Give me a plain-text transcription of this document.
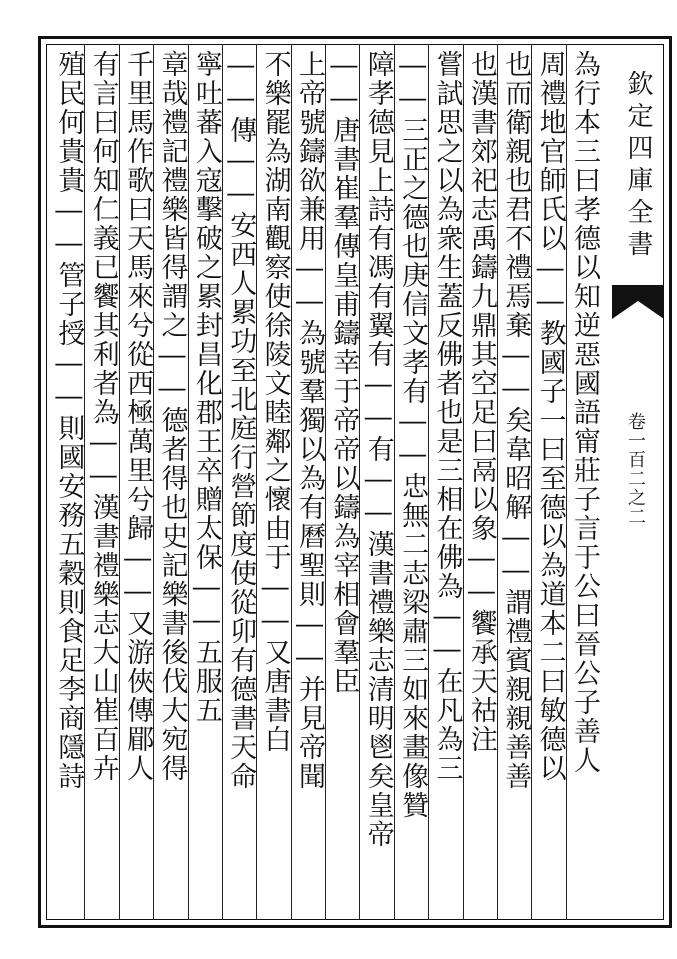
欽定四庫全書
卷一百二之二
為行本三曰孝德以知逆惡國語甯莊子言于公曰晉公子善人
周禮地官師氏以――教國子一曰至德以為道本二曰敏德以
也而衛親也君不禮焉棄――矣韋昭解――謂禮賓親親善善
也漢書郊祀志禹鑄九鼎其空足曰鬲以象――饗承天祜注
嘗試思之以為衆生蓋反佛者也是三相在佛為――在凡為三
――三正之德也庚信文孝有――忠無二志梁肅三如來畫像贊
障孝德見上詩有馮有翼有――有――漢書禮樂志清明鬯矣皇帝
――唐書崔羣傳皇甫鑄幸于帝帝以鑄為宰相會羣臣
上帝號鑄欲兼用――為號羣獨以為有曆聖則――并見帝聞
不樂罷為湖南觀察使徐陵文睦鄰之懷由于――又唐書白
――傳――安西人累功至北庭行營節度使從卯有德書天命
寧吐蕃入寇擊破之累封昌化郡王卒贈太保――五服五
章哉禮記禮樂皆得謂之――德者得也史記樂書後伐大宛得
千里馬作歌曰天馬來兮從西極萬里兮歸――又游俠傳郿人
有言曰何知仁義已饗其利者為――漢書禮樂志大山崔百卉
殖民何貴貴――管子授――則國安務五穀則食足李商隱詩
